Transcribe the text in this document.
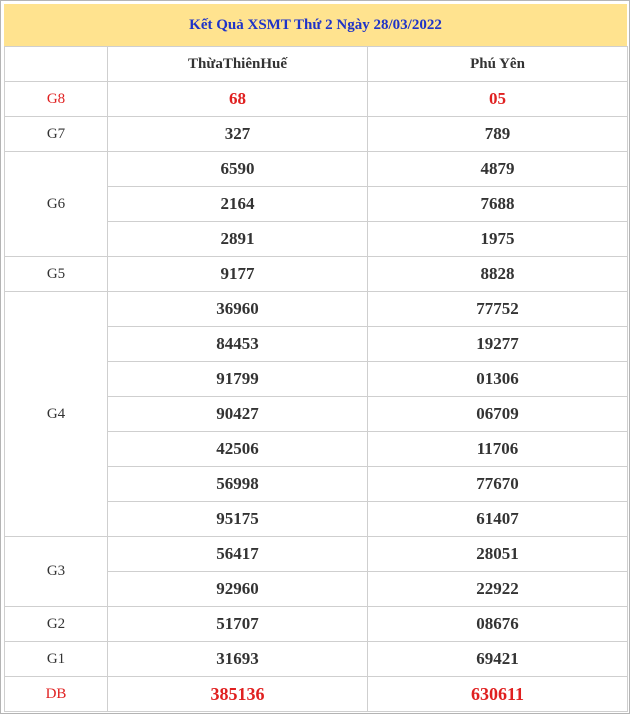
Kết Quả XSMT Thứ 2 Ngày 28/03/2022
	ThừaThiênHuế	Phú Yên
G8	68	05
G7	327	789
G6	6590	4879
	2164	7688
	2891	1975
G5	9177	8828
G4	36960	77752
	84453	19277
	91799	01306
	90427	06709
	42506	11706
	56998	77670
	95175	61407
G3	56417	28051
	92960	22922
G2	51707	08676
G1	31693	69421
DB	385136	630611
